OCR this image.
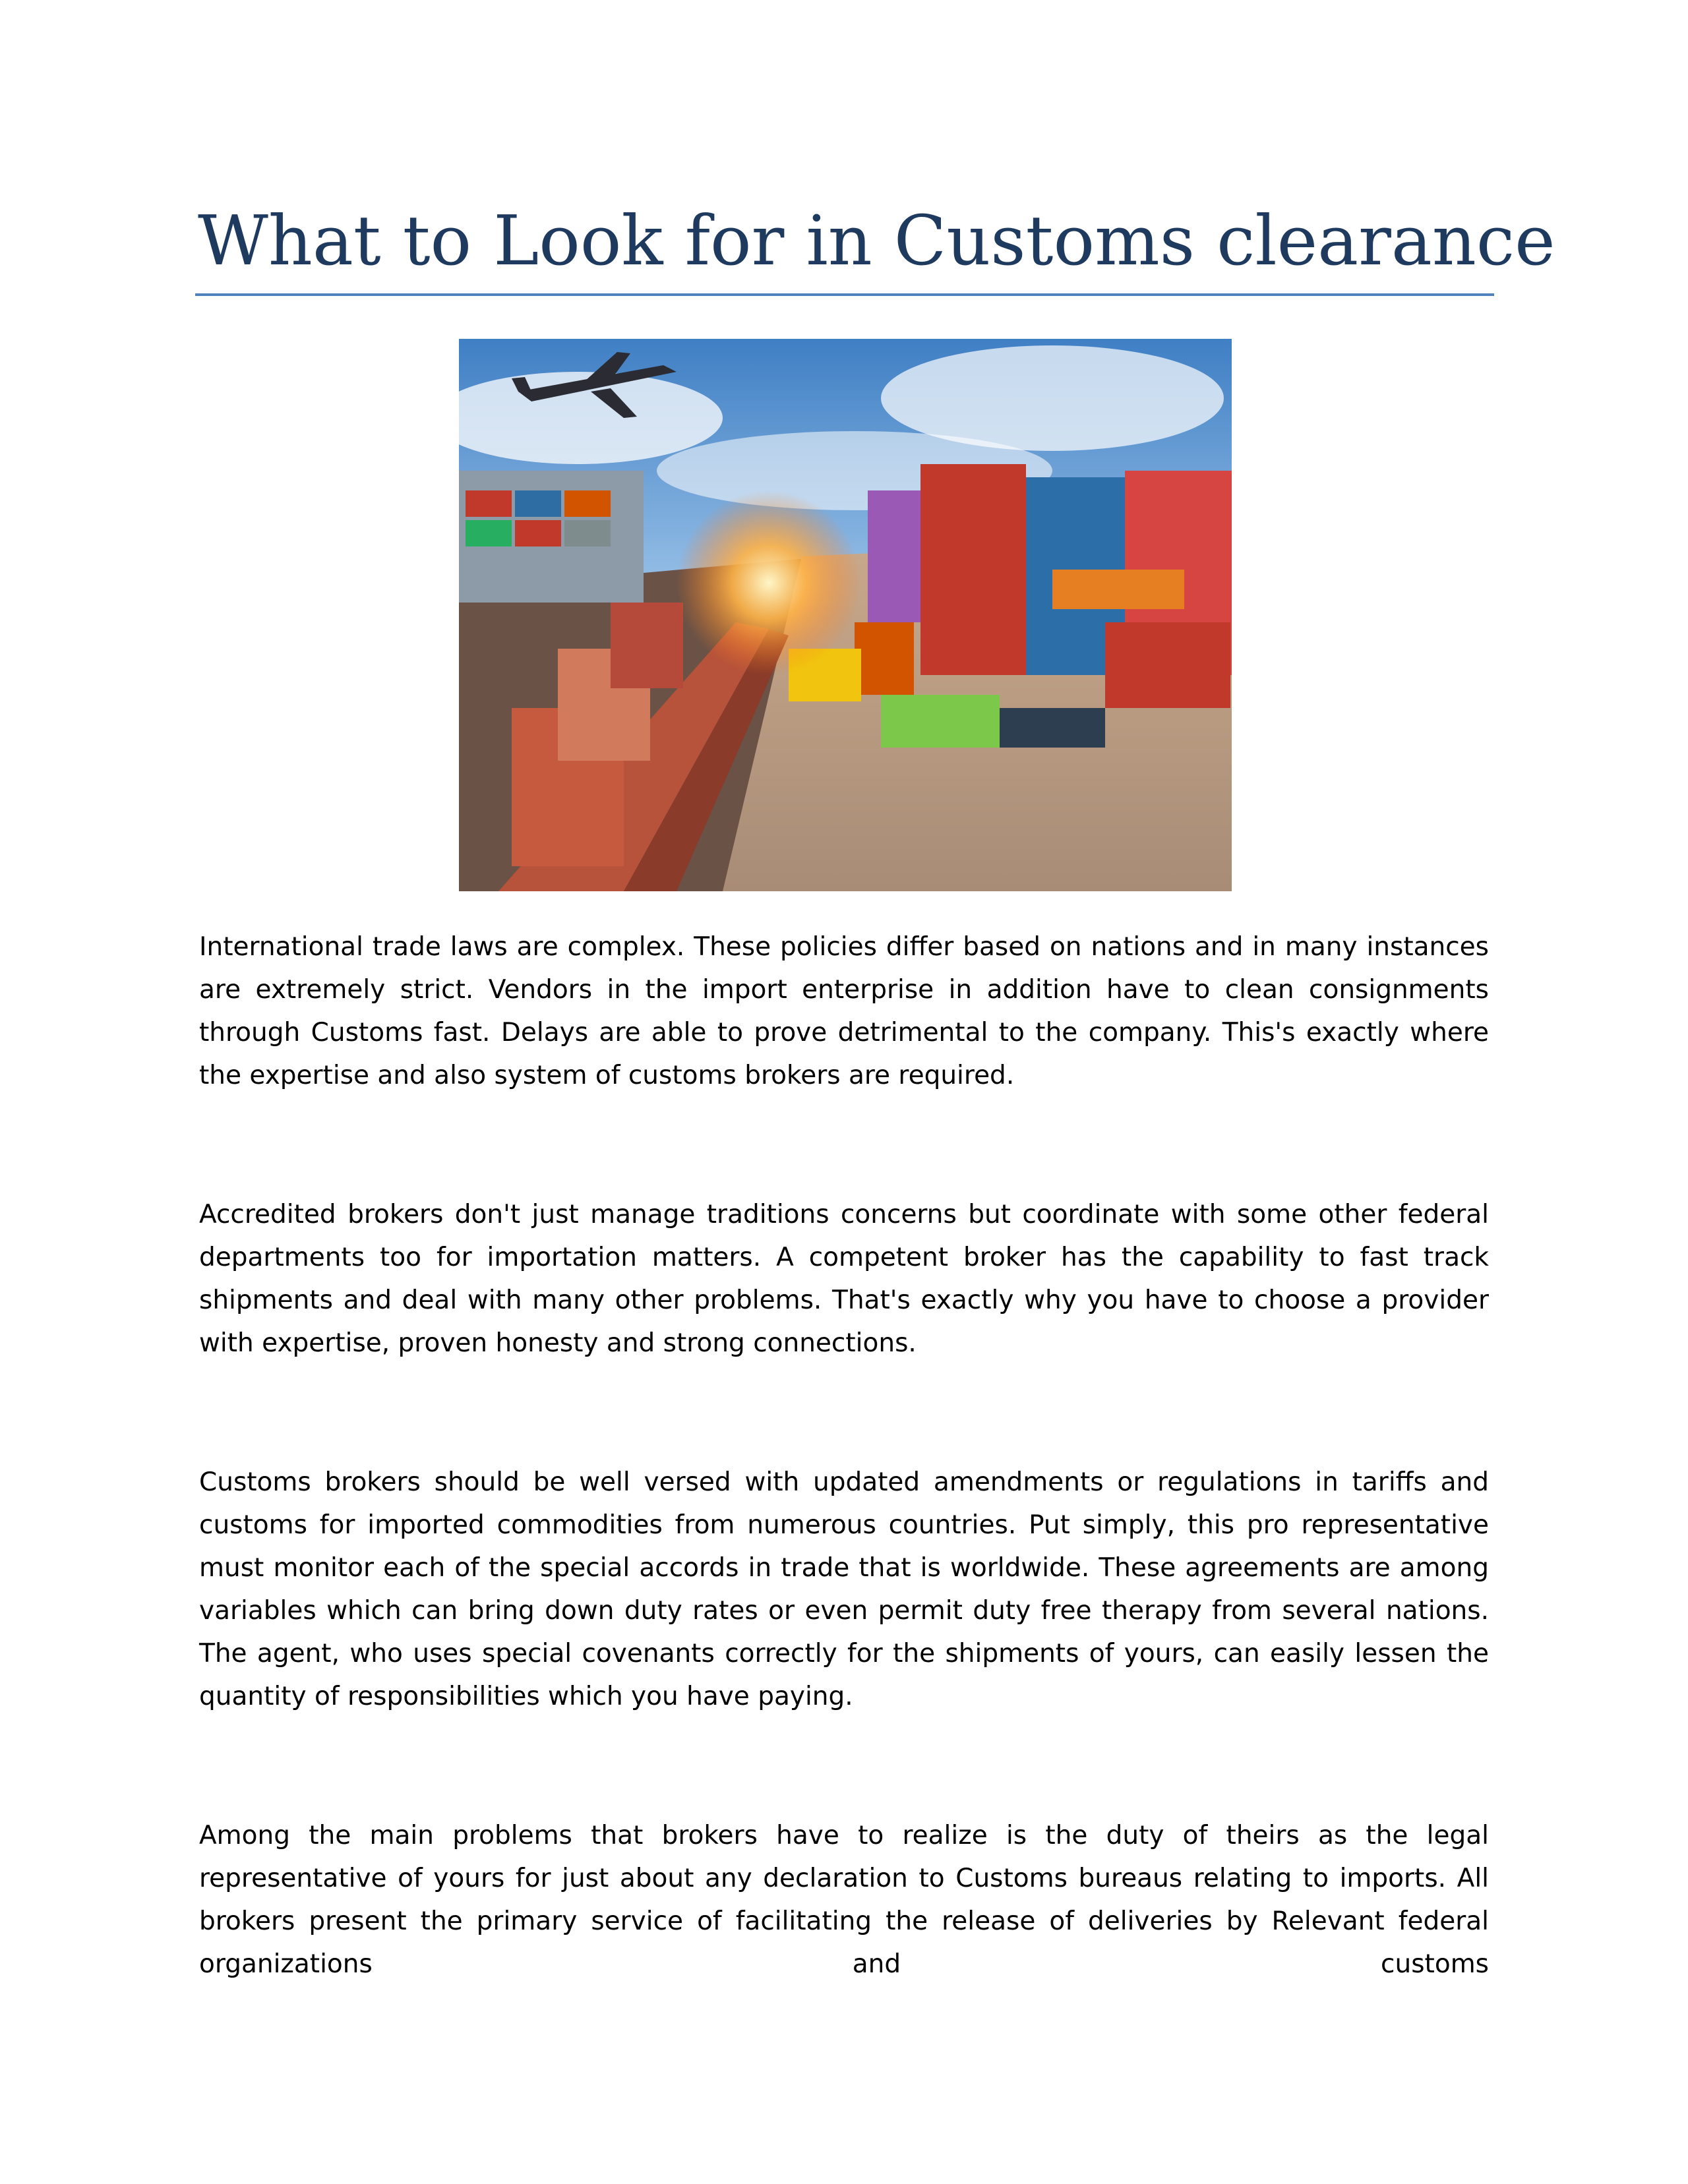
What to Look for in Customs clearance

International trade laws are complex. These policies differ based on nations and in many instances are extremely strict. Vendors in the import enterprise in addition have to clean consignments through Customs fast. Delays are able to prove detrimental to the company. This's exactly where the expertise and also system of customs brokers are required.

Accredited brokers don't just manage traditions concerns but coordinate with some other federal departments too for importation matters. A competent broker has the capability to fast track shipments and deal with many other problems. That's exactly why you have to choose a provider with expertise, proven honesty and strong connections.

Customs brokers should be well versed with updated amendments or regulations in tariffs and customs for imported commodities from numerous countries. Put simply, this pro representative must monitor each of the special accords in trade that is worldwide. These agreements are among variables which can bring down duty rates or even permit duty free therapy from several nations. The agent, who uses special covenants correctly for the shipments of yours, can easily lessen the quantity of responsibilities which you have paying.

Among the main problems that brokers have to realize is the duty of theirs as the legal representative of yours for just about any declaration to Customs bureaus relating to imports. All brokers present the primary service of facilitating the release of deliveries by Relevant federal organizations and customs
